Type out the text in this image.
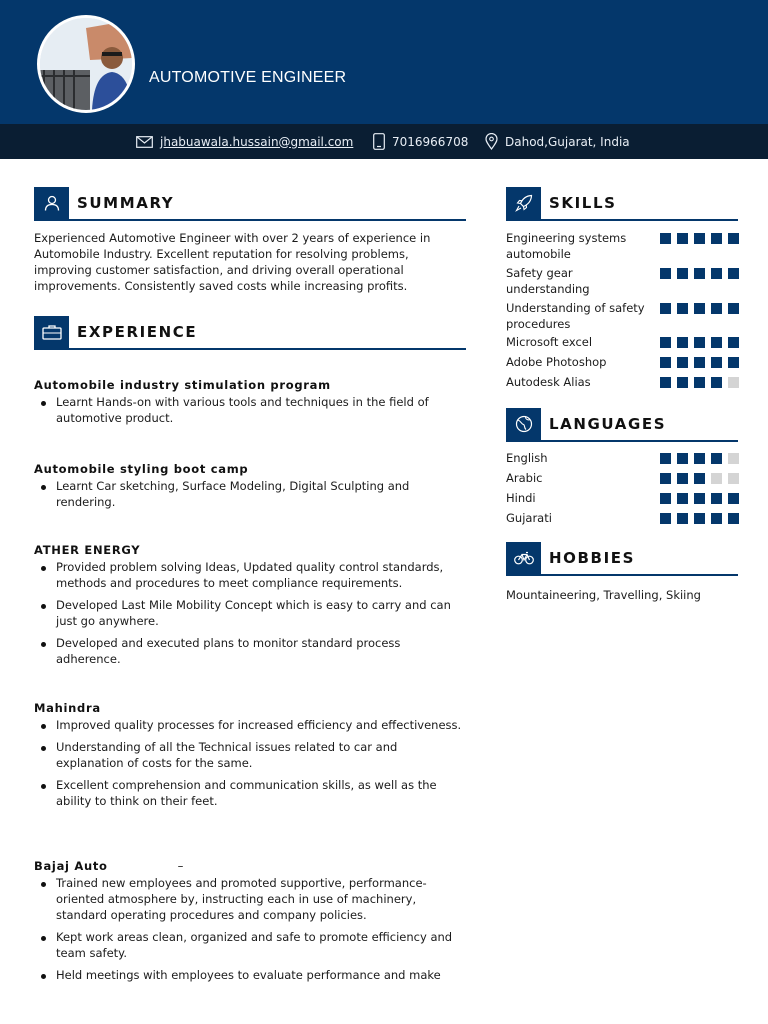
AUTOMOTIVE ENGINEER
jhabuawala.hussain@gmail.com	7016966708	Dahod,Gujarat, India
SUMMARY
Experienced Automotive Engineer with over 2 years of experience in Automobile Industry. Excellent reputation for resolving problems, improving customer satisfaction, and driving overall operational improvements. Consistently saved costs while increasing profits.
EXPERIENCE
Automobile industry stimulation program
Learnt Hands-on with various tools and techniques in the field of automotive product.
Automobile styling boot camp
Learnt Car sketching, Surface Modeling, Digital Sculpting and rendering.
ATHER ENERGY
Provided problem solving Ideas, Updated quality control standards, methods and procedures to meet compliance requirements.
Developed Last Mile Mobility Concept which is easy to carry and can just go anywhere.
Developed and executed plans to monitor standard process adherence.
Mahindra
Improved quality processes for increased efficiency and effectiveness.
Understanding of all the Technical issues related to car and explanation of costs for the same.
Excellent comprehension and communication skills, as well as the ability to think on their feet.
Bajaj Auto	–
Trained new employees and promoted supportive, performance-oriented atmosphere by, instructing each in use of machinery, standard operating procedures and company policies.
Kept work areas clean, organized and safe to promote efficiency and team safety.
Held meetings with employees to evaluate performance and make
SKILLS
Engineering systems automobile
Safety gear understanding
Understanding of safety procedures
Microsoft excel
Adobe Photoshop
Autodesk Alias
LANGUAGES
English
Arabic
Hindi
Gujarati
HOBBIES
Mountaineering, Travelling, Skiing
